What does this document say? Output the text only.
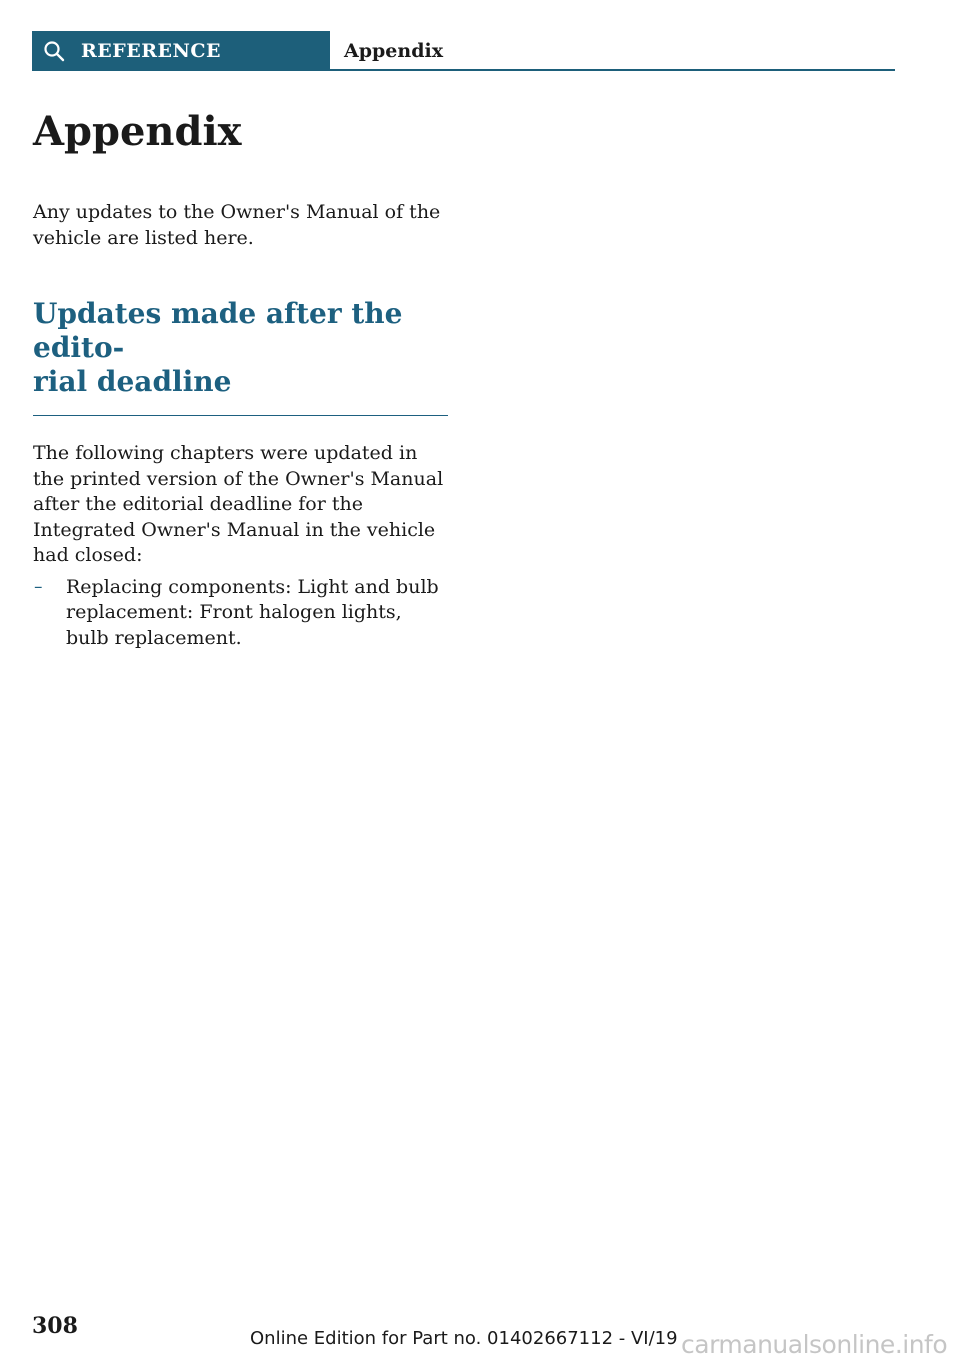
REFERENCE	Appendix
Appendix

Any updates to the Owner's Manual of the vehicle are listed here.

Updates made after the edito-
rial deadline

The following chapters were updated in the printed version of the Owner's Manual after the editorial deadline for the Integrated Owner's Manual in the vehicle had closed:

– Replacing components: Light and bulb replacement: Front halogen lights, bulb replacement.
308	Online Edition for Part no. 01402667112 - VI/19 carmanualsonline.info
